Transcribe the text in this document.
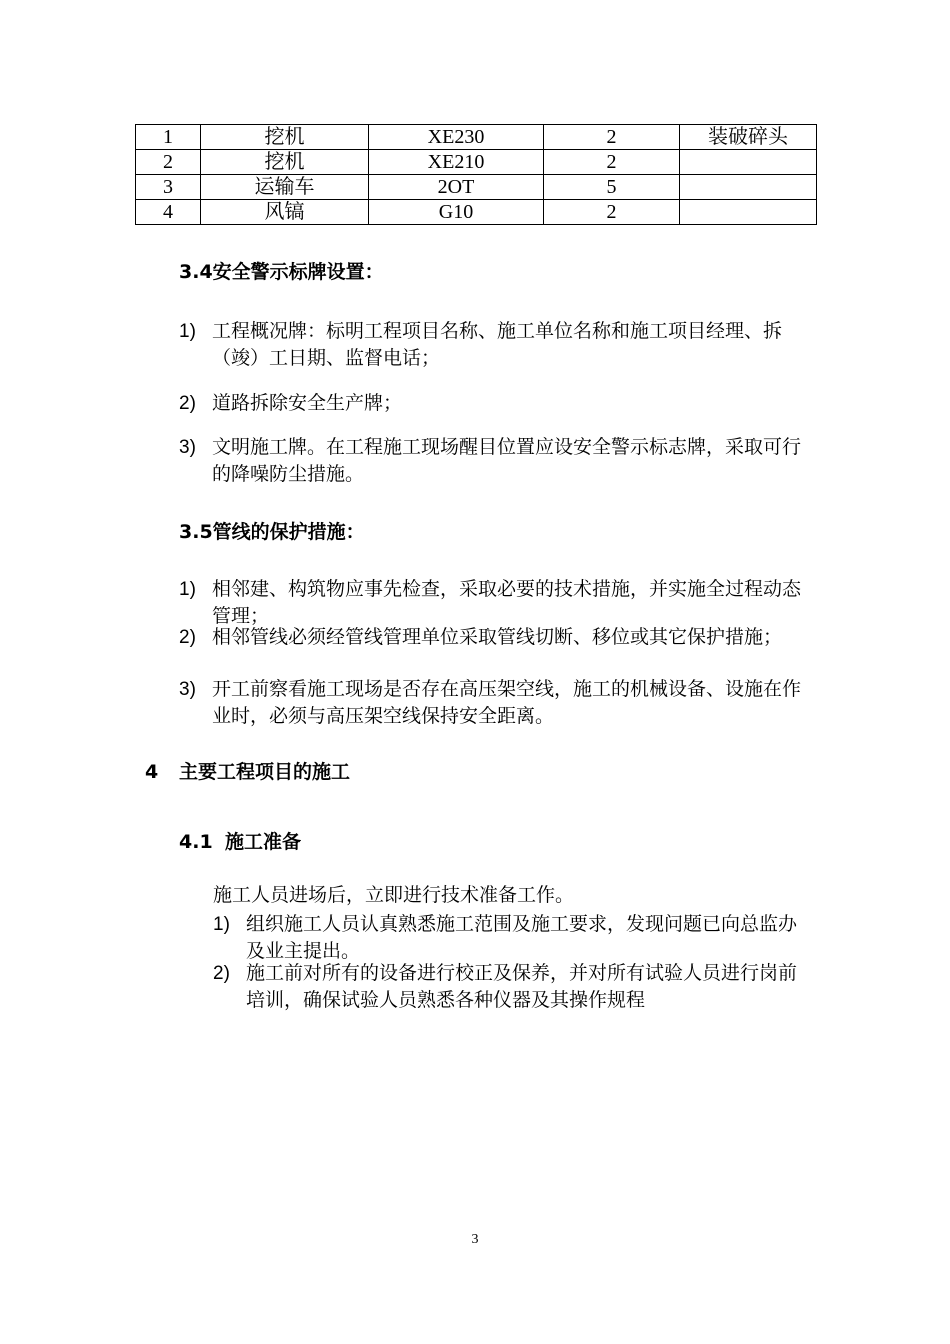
1	挖机	XE230	2	装破碎头
2	挖机	XE210	2	
3	运输车	2OT	5	
4	风镐	G10	2	
3.4安全警示标牌设置：
1) 工程概况牌：标明工程项目名称、施工单位名称和施工项目经理、拆（竣）工日期、监督电话；
2) 道路拆除安全生产牌；
3) 文明施工牌。在工程施工现场醒目位置应设安全警示标志牌，采取可行的降噪防尘措施。
3.5管线的保护措施：
1) 相邻建、构筑物应事先检查，采取必要的技术措施，并实施全过程动态管理；
2) 相邻管线必须经管线管理单位采取管线切断、移位或其它保护措施；
3) 开工前察看施工现场是否存在高压架空线，施工的机械设备、设施在作业时，必须与高压架空线保持安全距离。
4 主要工程项目的施工
4.1 施工准备
施工人员进场后，立即进行技术准备工作。
1) 组织施工人员认真熟悉施工范围及施工要求，发现问题已向总监办及业主提出。
2) 施工前对所有的设备进行校正及保养，并对所有试验人员进行岗前培训，确保试验人员熟悉各种仪器及其操作规程
3
